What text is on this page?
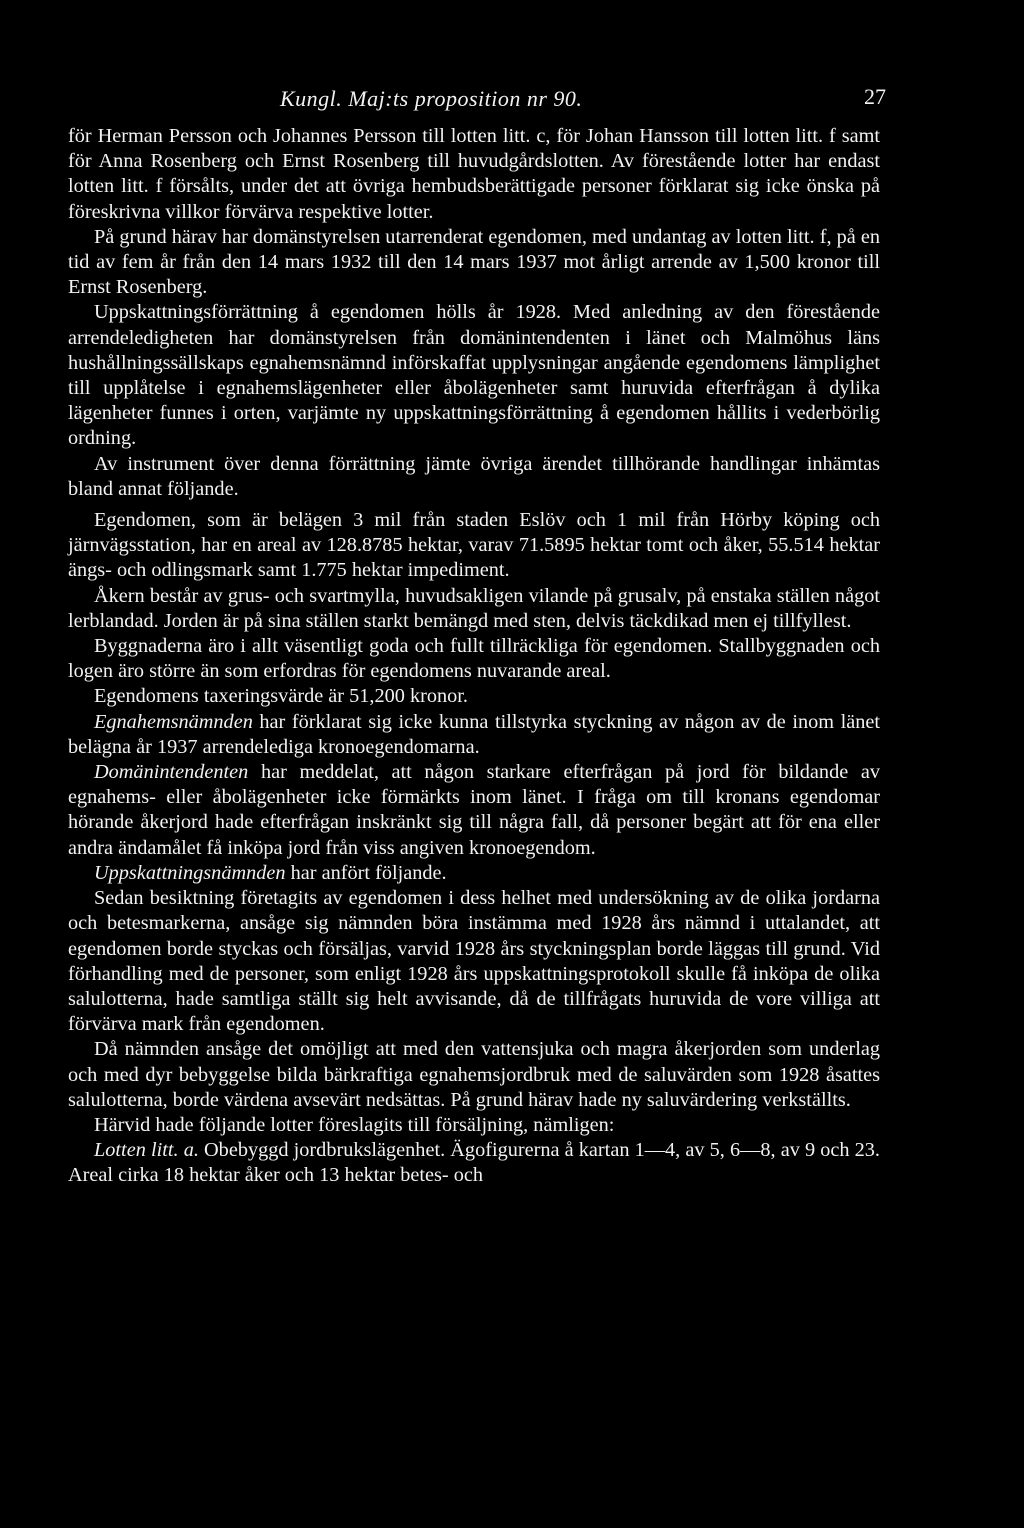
Kungl. Maj:ts proposition nr 90.	27

för Herman Persson och Johannes Persson till lotten litt. c, för Johan Hansson till lotten litt. f samt för Anna Rosenberg och Ernst Rosenberg till huvudgårdslotten. Av förestående lotter har endast lotten litt. f försålts, under det att övriga hembudsberättigade personer förklarat sig icke önska på föreskrivna villkor förvärva respektive lotter.

På grund härav har domänstyrelsen utarrenderat egendomen, med undantag av lotten litt. f, på en tid av fem år från den 14 mars 1932 till den 14 mars 1937 mot årligt arrende av 1,500 kronor till Ernst Rosenberg.

Uppskattningsförrättning å egendomen hölls år 1928. Med anledning av den förestående arrendeledigheten har domänstyrelsen från domänintendenten i länet och Malmöhus läns hushållningssällskaps egnahemsnämnd införskaffat upplysningar angående egendomens lämplighet till upplåtelse i egnahemslägenheter eller åbolägenheter samt huruvida efterfrågan å dylika lägenheter funnes i orten, varjämte ny uppskattningsförrättning å egendomen hållits i vederbörlig ordning.

Av instrument över denna förrättning jämte övriga ärendet tillhörande handlingar inhämtas bland annat följande.

Egendomen, som är belägen 3 mil från staden Eslöv och 1 mil från Hörby köping och järnvägsstation, har en areal av 128.8785 hektar, varav 71.5895 hektar tomt och åker, 55.514 hektar ängs- och odlingsmark samt 1.775 hektar impediment.

Åkern består av grus- och svartmylla, huvudsakligen vilande på grusalv, på enstaka ställen något lerblandad. Jorden är på sina ställen starkt bemängd med sten, delvis täckdikad men ej tillfyllest.

Byggnaderna äro i allt väsentligt goda och fullt tillräckliga för egendomen. Stallbyggnaden och logen äro större än som erfordras för egendomens nuvarande areal.

Egendomens taxeringsvärde är 51,200 kronor.

Egnahemsnämnden har förklarat sig icke kunna tillstyrka styckning av någon av de inom länet belägna år 1937 arrendelediga kronoegendomarna.

Domänintendenten har meddelat, att någon starkare efterfrågan på jord för bildande av egnahems- eller åbolägenheter icke förmärkts inom länet. I fråga om till kronans egendomar hörande åkerjord hade efterfrågan inskränkt sig till några fall, då personer begärt att för ena eller andra ändamålet få inköpa jord från viss angiven kronoegendom.

Uppskattningsnämnden har anfört följande.

Sedan besiktning företagits av egendomen i dess helhet med undersökning av de olika jordarna och betesmarkerna, ansåge sig nämnden böra instämma med 1928 års nämnd i uttalandet, att egendomen borde styckas och försäljas, varvid 1928 års styckningsplan borde läggas till grund. Vid förhandling med de personer, som enligt 1928 års uppskattningsprotokoll skulle få inköpa de olika salulotterna, hade samtliga ställt sig helt avvisande, då de tillfrågats huruvida de vore villiga att förvärva mark från egendomen.

Då nämnden ansåge det omöjligt att med den vattensjuka och magra åkerjorden som underlag och med dyr bebyggelse bilda bärkraftiga egnahemsjordbruk med de saluvärden som 1928 åsattes salulotterna, borde värdena avsevärt nedsättas. På grund härav hade ny saluvärdering verkställts.

Härvid hade följande lotter föreslagits till försäljning, nämligen:

Lotten litt. a. Obebyggd jordbrukslägenhet. Ägofigurerna å kartan 1—4, av 5, 6—8, av 9 och 23. Areal cirka 18 hektar åker och 13 hektar betes- och
